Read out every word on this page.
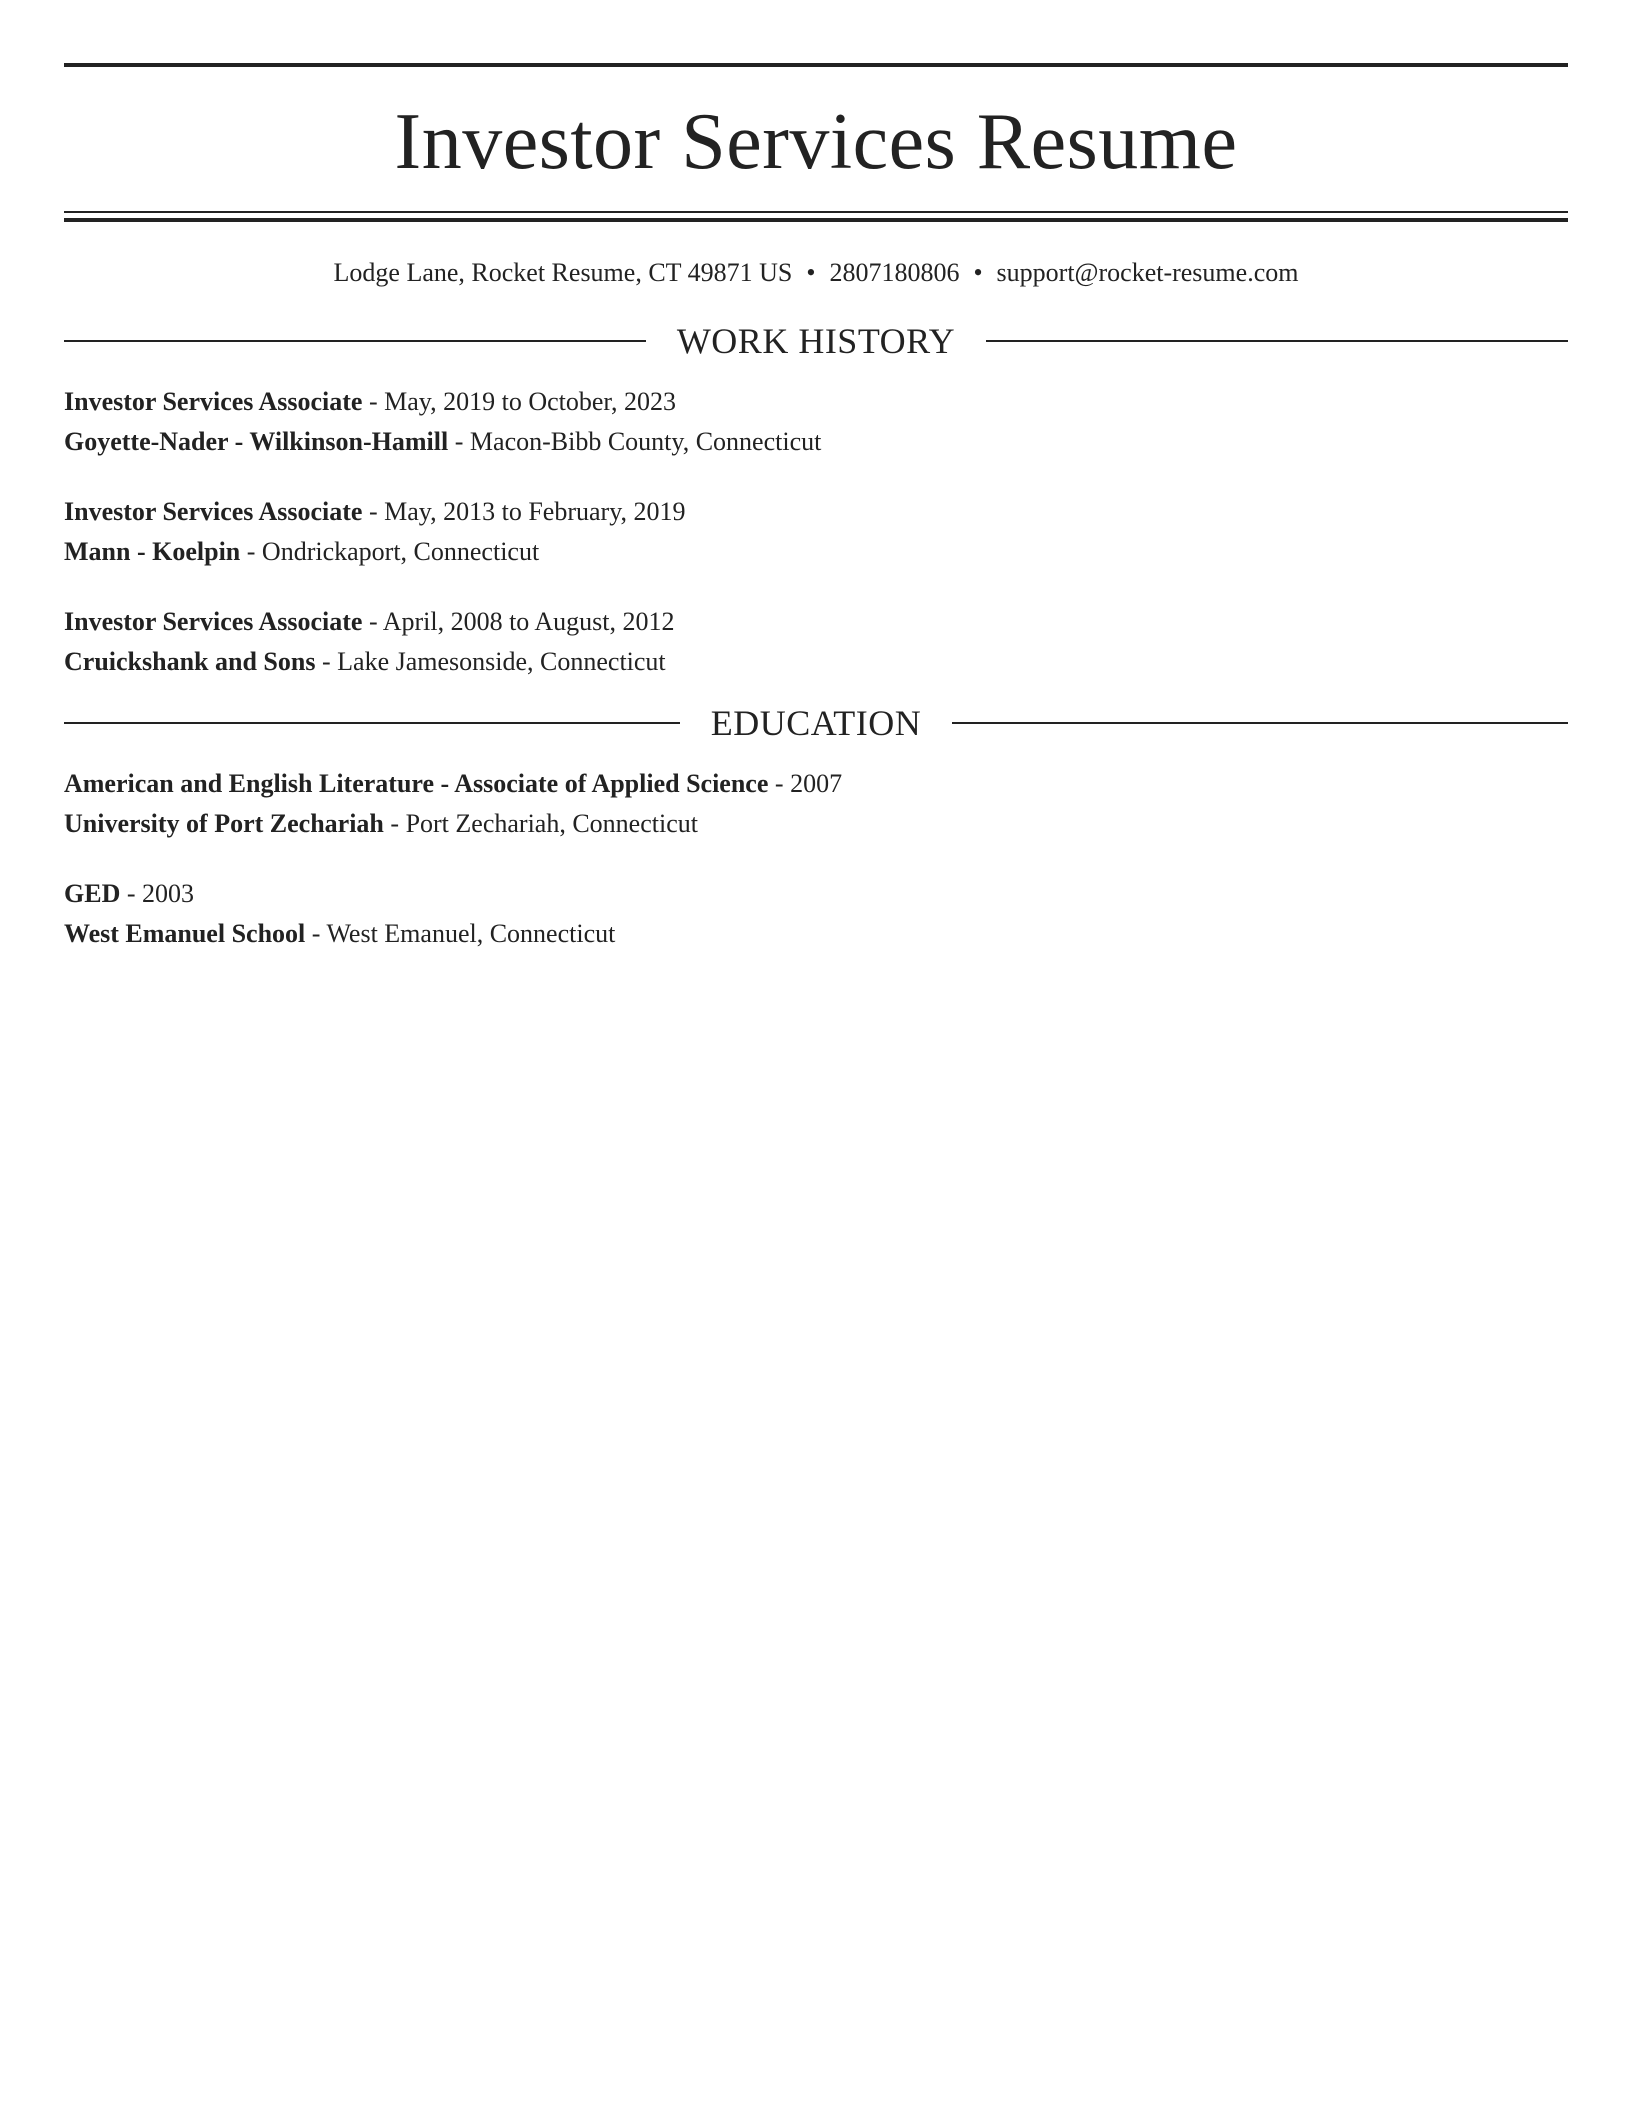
Investor Services Resume
Lodge Lane, Rocket Resume, CT 49871 US • 2807180806 • support@rocket-resume.com
WORK HISTORY
Investor Services Associate - May, 2019 to October, 2023
Goyette-Nader - Wilkinson-Hamill - Macon-Bibb County, Connecticut
Investor Services Associate - May, 2013 to February, 2019
Mann - Koelpin - Ondrickaport, Connecticut
Investor Services Associate - April, 2008 to August, 2012
Cruickshank and Sons - Lake Jamesonside, Connecticut
EDUCATION
American and English Literature - Associate of Applied Science - 2007
University of Port Zechariah - Port Zechariah, Connecticut
GED - 2003
West Emanuel School - West Emanuel, Connecticut
